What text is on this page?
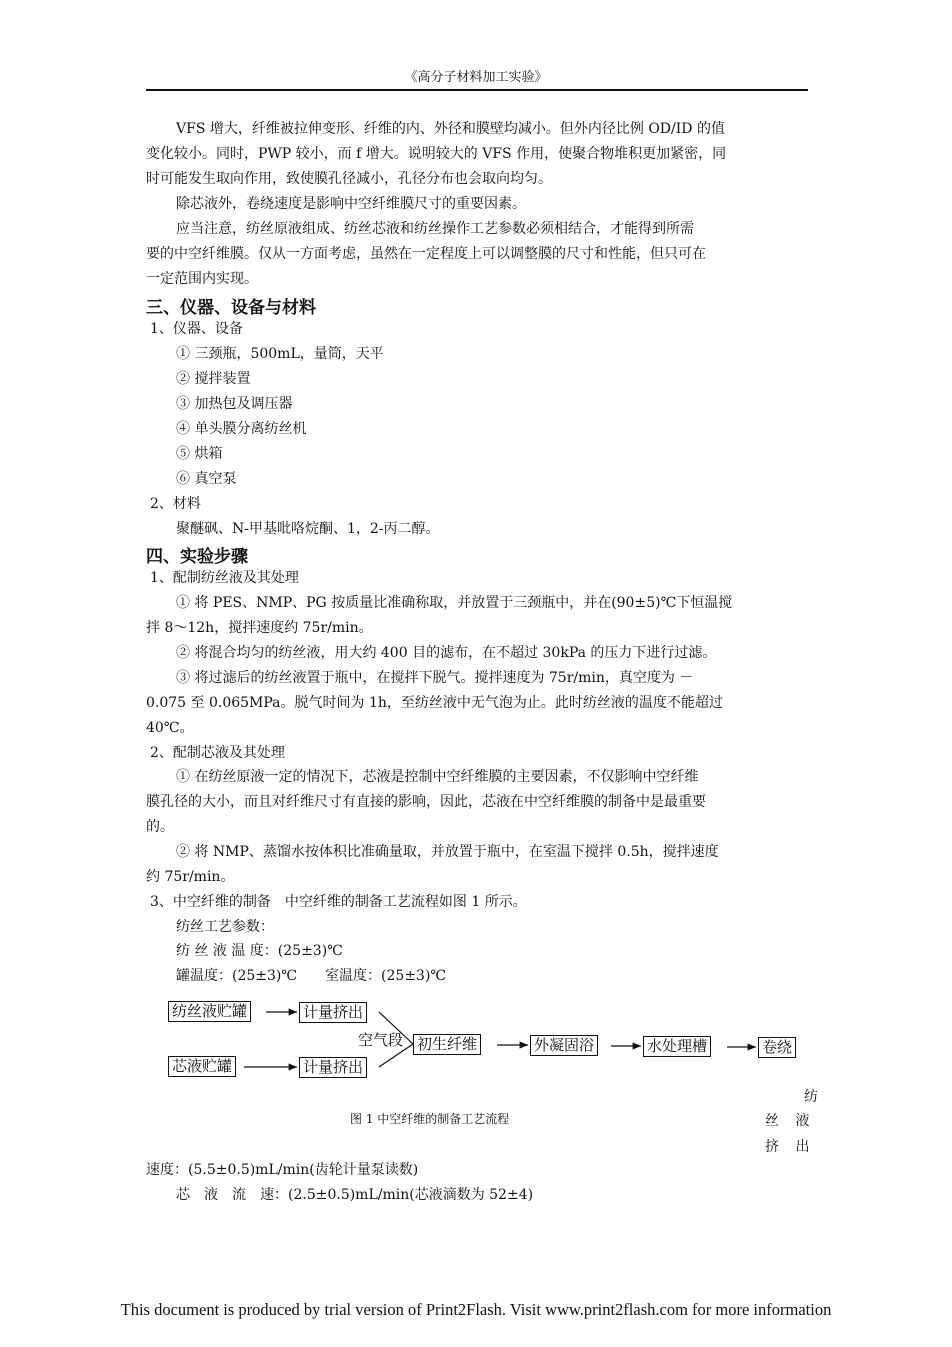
《高分子材料加工实验》
VFS 增大，纤维被拉伸变形、纤维的内、外径和膜壁均减小。但外内径比例 OD/ID 的值
变化较小。同时，PWP 较小，而 f 增大。说明较大的 VFS 作用，使聚合物堆积更加紧密，同
时可能发生取向作用，致使膜孔径减小，孔径分布也会取向均匀。
除芯液外，卷绕速度是影响中空纤维膜尺寸的重要因素。
应当注意，纺丝原液组成、纺丝芯液和纺丝操作工艺参数必须相结合，才能得到所需
要的中空纤维膜。仅从一方面考虑，虽然在一定程度上可以调整膜的尺寸和性能，但只可在
一定范围内实现。
三、仪器、设备与材料
1、仪器、设备
① 三颈瓶，500mL，量筒，天平
② 搅拌装置
③ 加热包及调压器
④ 单头膜分离纺丝机
⑤ 烘箱
⑥ 真空泵
2、材料
聚醚砜、N-甲基吡咯烷酮、1，2-丙二醇。
四、实验步骤
1、配制纺丝液及其处理
① 将 PES、NMP、PG 按质量比准确称取，并放置于三颈瓶中，并在(90±5)℃下恒温搅
拌 8～12h，搅拌速度约 75r/min。
② 将混合均匀的纺丝液，用大约 400 目的滤布，在不超过 30kPa 的压力下进行过滤。
③ 将过滤后的纺丝液置于瓶中，在搅拌下脱气。搅拌速度为 75r/min，真空度为 －
0.075 至 0.065MPa。脱气时间为 1h，至纺丝液中无气泡为止。此时纺丝液的温度不能超过
40℃。
2、配制芯液及其处理
① 在纺丝原液一定的情况下，芯液是控制中空纤维膜的主要因素，不仅影响中空纤维
膜孔径的大小，而且对纤维尺寸有直接的影响，因此，芯液在中空纤维膜的制备中是最重要
的。
② 将 NMP、蒸馏水按体积比准确量取，并放置于瓶中，在室温下搅拌 0.5h，搅拌速度
约 75r/min。
3、中空纤维的制备　中空纤维的制备工艺流程如图 1 所示。
纺丝工艺参数：
纺 丝 液 温 度：(25±3)℃
罐温度：(25±3)℃　　室温度：(25±3)℃
纺丝液贮罐
芯液贮罐
计量挤出
计量挤出
空气段 初生纤维	外凝固浴	水处理槽	卷绕
图 1 中空纤维的制备工艺流程
纺
丝 液
挤 出
速度：(5.5±0.5)mL/min(齿轮计量泵读数)
芯　液　流　速：(2.5±0.5)mL/min(芯液滴数为 52±4)
This document is produced by trial version of Print2Flash. Visit www.print2flash.com for more information
